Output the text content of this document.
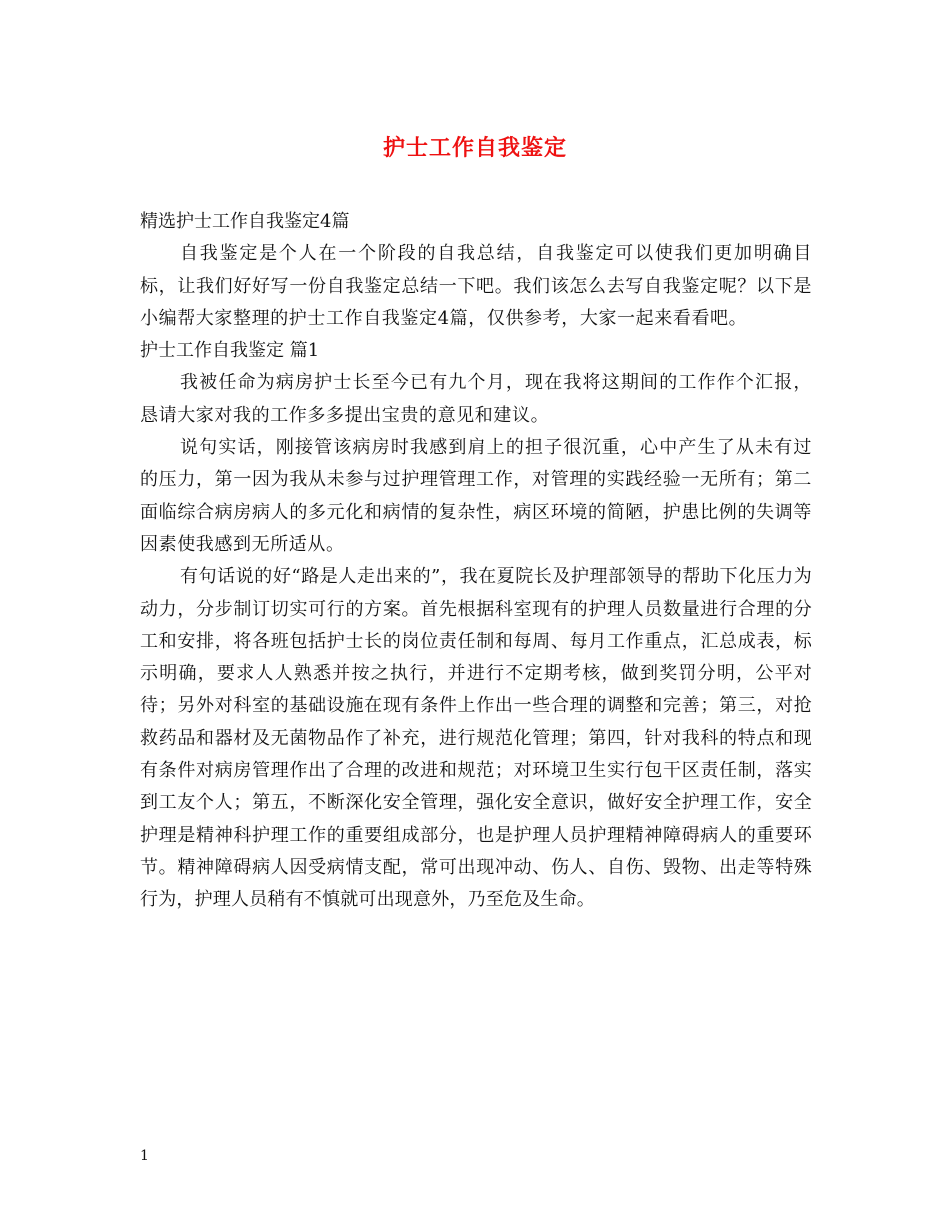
护士工作自我鉴定

精选护士工作自我鉴定4篇

自我鉴定是个人在一个阶段的自我总结，自我鉴定可以使我们更加明确目标，让我们好好写一份自我鉴定总结一下吧。我们该怎么去写自我鉴定呢？以下是小编帮大家整理的护士工作自我鉴定4篇，仅供参考，大家一起来看看吧。

护士工作自我鉴定 篇1

我被任命为病房护士长至今已有九个月，现在我将这期间的工作作个汇报，恳请大家对我的工作多多提出宝贵的意见和建议。

说句实话，刚接管该病房时我感到肩上的担子很沉重，心中产生了从未有过的压力，第一因为我从未参与过护理管理工作，对管理的实践经验一无所有；第二面临综合病房病人的多元化和病情的复杂性，病区环境的简陋，护患比例的失调等因素使我感到无所适从。

有句话说的好“路是人走出来的”，我在夏院长及护理部领导的帮助下化压力为动力，分步制订切实可行的方案。首先根据科室现有的护理人员数量进行合理的分工和安排，将各班包括护士长的岗位责任制和每周、每月工作重点，汇总成表，标示明确，要求人人熟悉并按之执行，并进行不定期考核，做到奖罚分明，公平对待；另外对科室的基础设施在现有条件上作出一些合理的调整和完善；第三，对抢救药品和器材及无菌物品作了补充，进行规范化管理；第四，针对我科的特点和现有条件对病房管理作出了合理的改进和规范；对环境卫生实行包干区责任制，落实到工友个人；第五，不断深化安全管理，强化安全意识，做好安全护理工作，安全护理是精神科护理工作的重要组成部分，也是护理人员护理精神障碍病人的重要环节。精神障碍病人因受病情支配，常可出现冲动、伤人、自伤、毁物、出走等特殊行为，护理人员稍有不慎就可出现意外，乃至危及生命。

1
